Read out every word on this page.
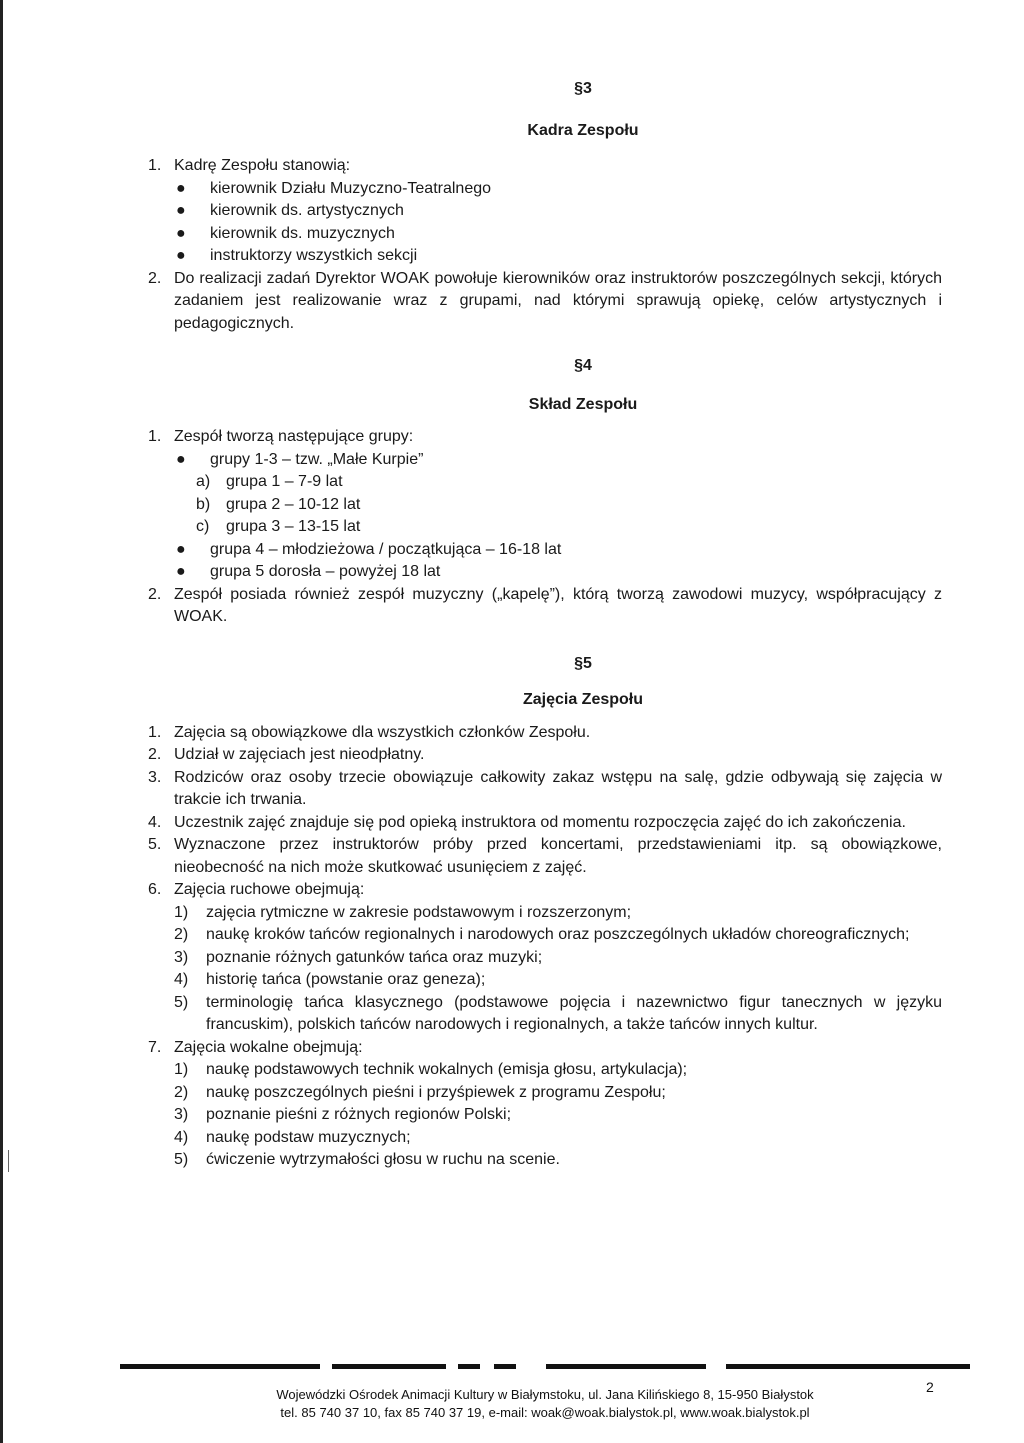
§3
Kadra Zespołu
1. Kadrę Zespołu stanowią:
●	kierownik Działu Muzyczno-Teatralnego
●	kierownik ds. artystycznych
●	kierownik ds. muzycznych
●	instruktorzy wszystkich sekcji
2. Do realizacji zadań Dyrektor WOAK powołuje kierowników oraz instruktorów poszczególnych sekcji, których zadaniem jest realizowanie wraz z grupami, nad którymi sprawują opiekę, celów artystycznych i pedagogicznych.
§4
Skład Zespołu
1. Zespół tworzą następujące grupy:
●	grupy 1-3 – tzw. „Małe Kurpie”
a) grupa 1 – 7-9 lat
b) grupa 2 – 10-12 lat
c)	grupa 3 – 13-15 lat
●	grupa 4 – młodzieżowa / początkująca – 16-18 lat
●	grupa 5 dorosła – powyżej 18 lat
2. Zespół posiada również zespół muzyczny („kapelę”), którą tworzą zawodowi muzycy, współpracujący z WOAK.
§5
Zajęcia Zespołu
1. Zajęcia są obowiązkowe dla wszystkich członków Zespołu.
2. Udział w zajęciach jest nieodpłatny.
3. Rodziców oraz osoby trzecie obowiązuje całkowity zakaz wstępu na salę, gdzie odbywają się zajęcia w trakcie ich trwania.
4. Uczestnik zajęć znajduje się pod opieką instruktora od momentu rozpoczęcia zajęć do ich zakończenia.
5. Wyznaczone przez instruktorów próby przed koncertami, przedstawieniami itp. są obowiązkowe, nieobecność na nich może skutkować usunięciem z zajęć.
6. Zajęcia ruchowe obejmują:
1)	zajęcia rytmiczne w zakresie podstawowym i rozszerzonym;
2)	naukę kroków tańców regionalnych i narodowych oraz poszczególnych układów choreograficznych;
3)	poznanie różnych gatunków tańca oraz muzyki;
4)	historię tańca (powstanie oraz geneza);
5)	terminologię tańca klasycznego (podstawowe pojęcia i nazewnictwo figur tanecznych w języku francuskim), polskich tańców narodowych i regionalnych, a także tańców innych kultur.
7. Zajęcia wokalne obejmują:
1)	naukę podstawowych technik wokalnych (emisja głosu, artykulacja);
2)	naukę poszczególnych pieśni i przyśpiewek z programu Zespołu;
3)	poznanie pieśni z różnych regionów Polski;
4)	naukę podstaw muzycznych;
5)	ćwiczenie wytrzymałości głosu w ruchu na scenie.
2
Wojewódzki Ośrodek Animacji Kultury w Białymstoku, ul. Jana Kilińskiego 8, 15-950 Białystok
tel. 85 740 37 10, fax 85 740 37 19, e-mail: woak@woak.bialystok.pl, www.woak.bialystok.pl
